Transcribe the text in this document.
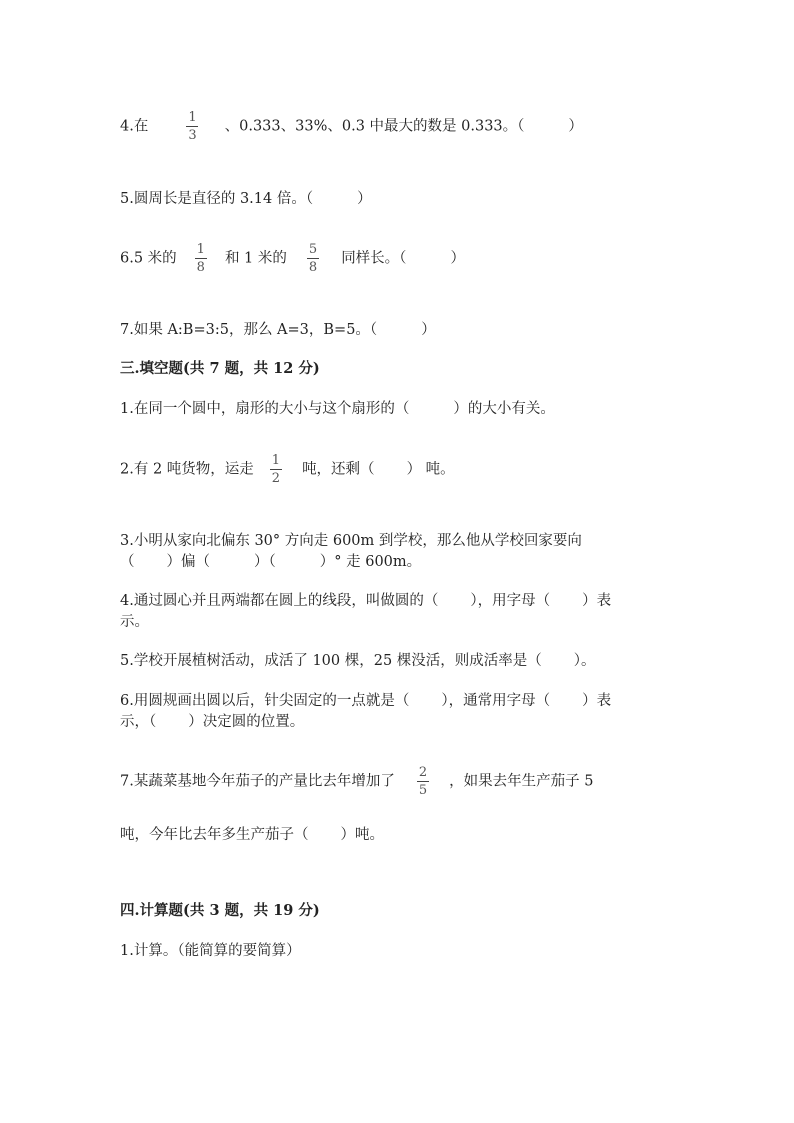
4.在	$\frac{1}{3}$ 、0.333、33%、0.3 中最大的数是 0.333。（	）
5.圆周长是直径的 3.14 倍。（	）
6.5 米的 $\frac{1}{8}$ 和 1 米的 $\frac{5}{8}$ 同样长。（	）
7.如果 A:B=3:5，那么 A=3，B=5。（	）
三.填空题(共 7 题，共 12 分)
1.在同一个圆中，扇形的大小与这个扇形的（	）的大小有关。
2.有 2 吨货物，运走 $\frac{1}{2}$ 吨，还剩（ ） 吨。
3.小明从家向北偏东 30° 方向走 600m 到学校，那么他从学校回家要向
（ ）偏（	）（	）° 走 600m。
4.通过圆心并且两端都在圆上的线段，叫做圆的（ ），用字母（ ）表
示。
5.学校开展植树活动，成活了 100 棵，25 棵没活，则成活率是（ ）。
6.用圆规画出圆以后，针尖固定的一点就是（ ），通常用字母（ ）表
示，（ ）决定圆的位置。
7.某蔬菜基地今年茄子的产量比去年增加了 $\frac{2}{5}$ ，如果去年生产茄子 5
吨，今年比去年多生产茄子（ ）吨。
四.计算题(共 3 题，共 19 分)
1.计算。（能简算的要简算）
